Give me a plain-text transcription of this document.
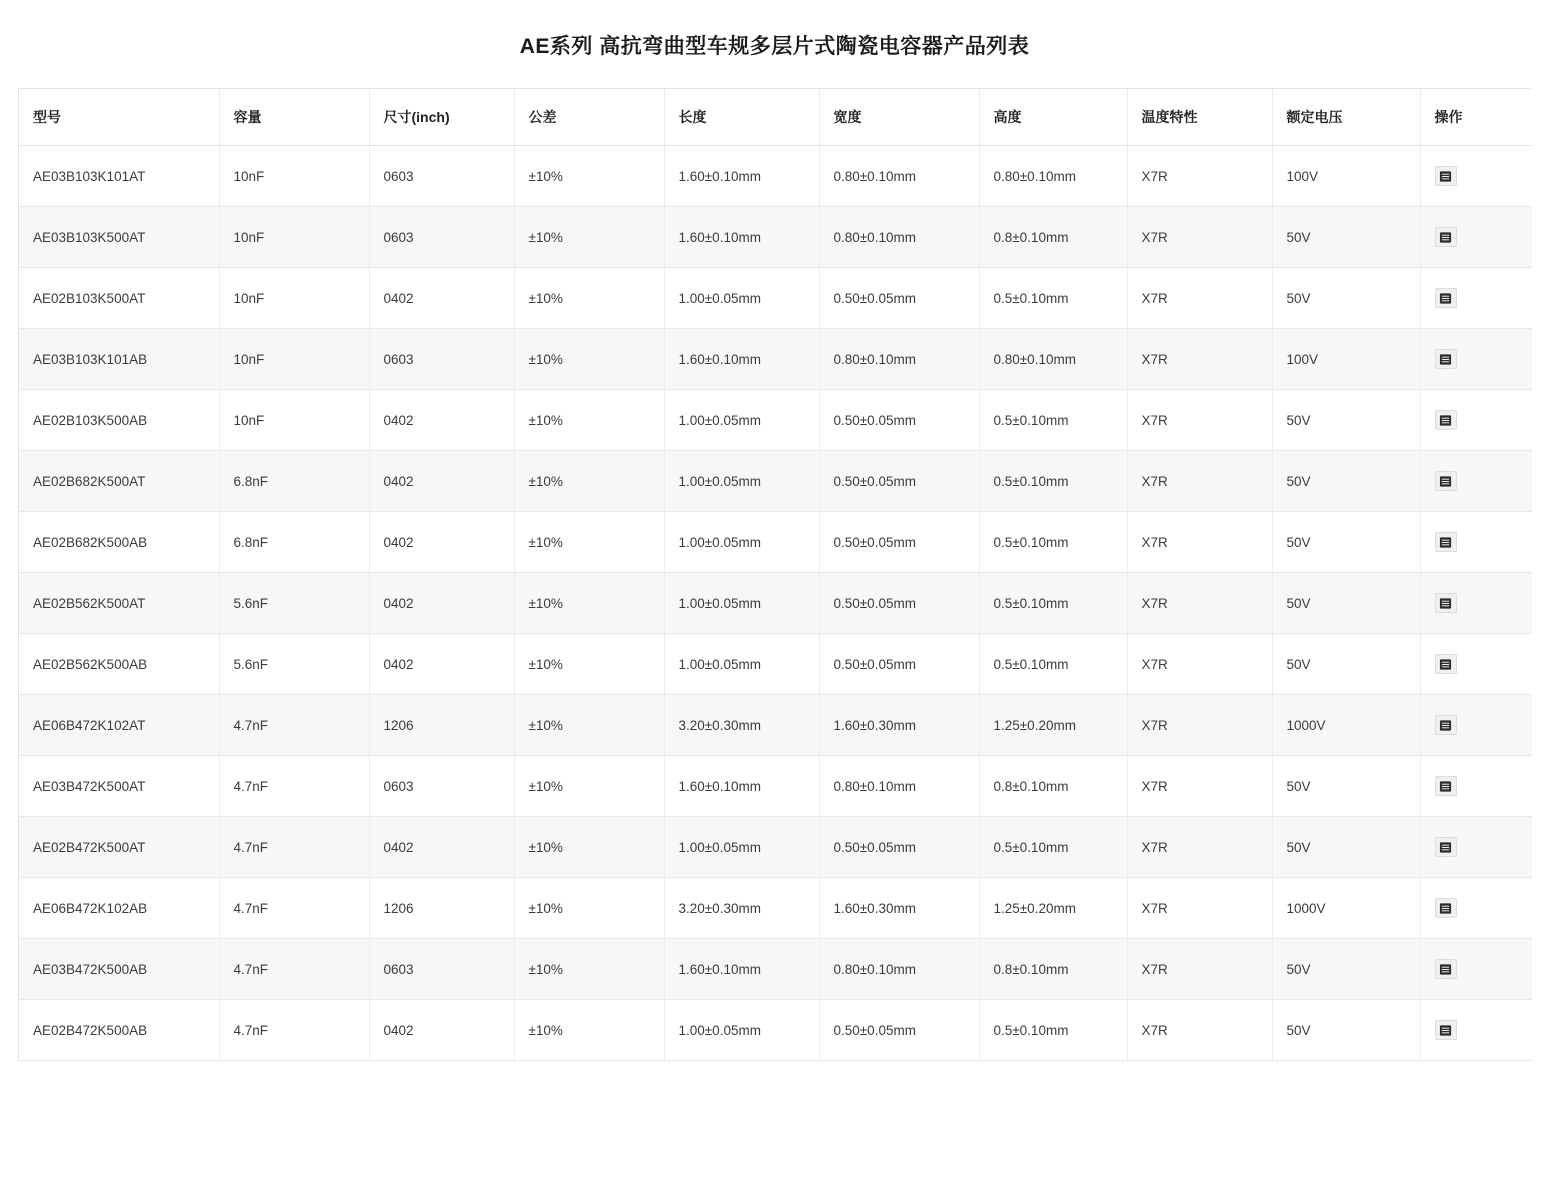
AE系列 高抗弯曲型车规多层片式陶瓷电容器产品列表
型号	容量	尺寸(inch)	公差	长度	宽度	高度	温度特性	额定电压	操作
AE03B103K101AT	10nF	0603	±10%	1.60±0.10mm	0.80±0.10mm	0.80±0.10mm	X7R	100V	

AE03B103K500AT	10nF	0603	±10%	1.60±0.10mm	0.80±0.10mm	0.8±0.10mm	X7R	50V	

AE02B103K500AT	10nF	0402	±10%	1.00±0.05mm	0.50±0.05mm	0.5±0.10mm	X7R	50V	

AE03B103K101AB	10nF	0603	±10%	1.60±0.10mm	0.80±0.10mm	0.80±0.10mm	X7R	100V	

AE02B103K500AB	10nF	0402	±10%	1.00±0.05mm	0.50±0.05mm	0.5±0.10mm	X7R	50V	

AE02B682K500AT	6.8nF	0402	±10%	1.00±0.05mm	0.50±0.05mm	0.5±0.10mm	X7R	50V	

AE02B682K500AB	6.8nF	0402	±10%	1.00±0.05mm	0.50±0.05mm	0.5±0.10mm	X7R	50V	

AE02B562K500AT	5.6nF	0402	±10%	1.00±0.05mm	0.50±0.05mm	0.5±0.10mm	X7R	50V	

AE02B562K500AB	5.6nF	0402	±10%	1.00±0.05mm	0.50±0.05mm	0.5±0.10mm	X7R	50V	

AE06B472K102AT	4.7nF	1206	±10%	3.20±0.30mm	1.60±0.30mm	1.25±0.20mm	X7R	1000V	

AE03B472K500AT	4.7nF	0603	±10%	1.60±0.10mm	0.80±0.10mm	0.8±0.10mm	X7R	50V	

AE02B472K500AT	4.7nF	0402	±10%	1.00±0.05mm	0.50±0.05mm	0.5±0.10mm	X7R	50V	

AE06B472K102AB	4.7nF	1206	±10%	3.20±0.30mm	1.60±0.30mm	1.25±0.20mm	X7R	1000V	

AE03B472K500AB	4.7nF	0603	±10%	1.60±0.10mm	0.80±0.10mm	0.8±0.10mm	X7R	50V	

AE02B472K500AB	4.7nF	0402	±10%	1.00±0.05mm	0.50±0.05mm	0.5±0.10mm	X7R	50V	
